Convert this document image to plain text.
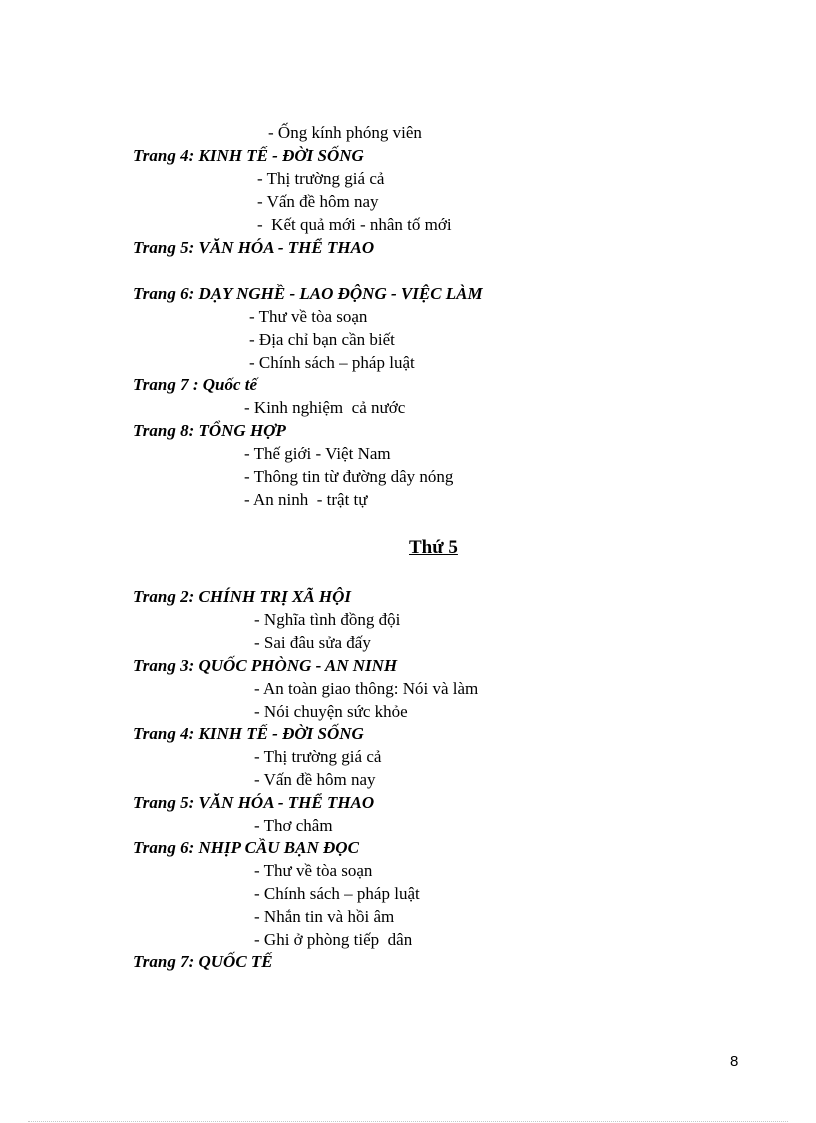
- Ống kính phóng viên
Trang 4: KINH TẾ - ĐỜI SỐNG
- Thị trường giá cả
- Vấn đề hôm nay
-  Kết quả mới - nhân tố mới
Trang 5: VĂN HÓA - THỂ THAO
Trang 6: DẠY NGHỀ - LAO ĐỘNG - VIỆC LÀM
- Thư về tòa soạn
- Địa chỉ bạn cần biết
- Chính sách – pháp luật
Trang 7 : Quốc tế
- Kinh nghiệm  cả nước
Trang 8: TỔNG HỢP
- Thế giới - Việt Nam
- Thông tin từ đường dây nóng
- An ninh  - trật tự
Trang 2: CHÍNH TRỊ XÃ HỘI
- Nghĩa tình đồng đội
- Sai đâu sửa đấy
Trang 3: QUỐC PHÒNG - AN NINH
- An toàn giao thông: Nói và làm
- Nói chuyện sức khỏe
Trang 4: KINH TẾ - ĐỜI SỐNG
- Thị trường giá cả
- Vấn đề hôm nay
Trang 5: VĂN HÓA - THỂ THAO
- Thơ châm
Trang 6: NHỊP CẦU BẠN ĐỌC
- Thư về tòa soạn
- Chính sách – pháp luật
- Nhắn tin và hồi âm
- Ghi ở phòng tiếp  dân
Trang 7: QUỐC TẾ
Thứ 5
8
